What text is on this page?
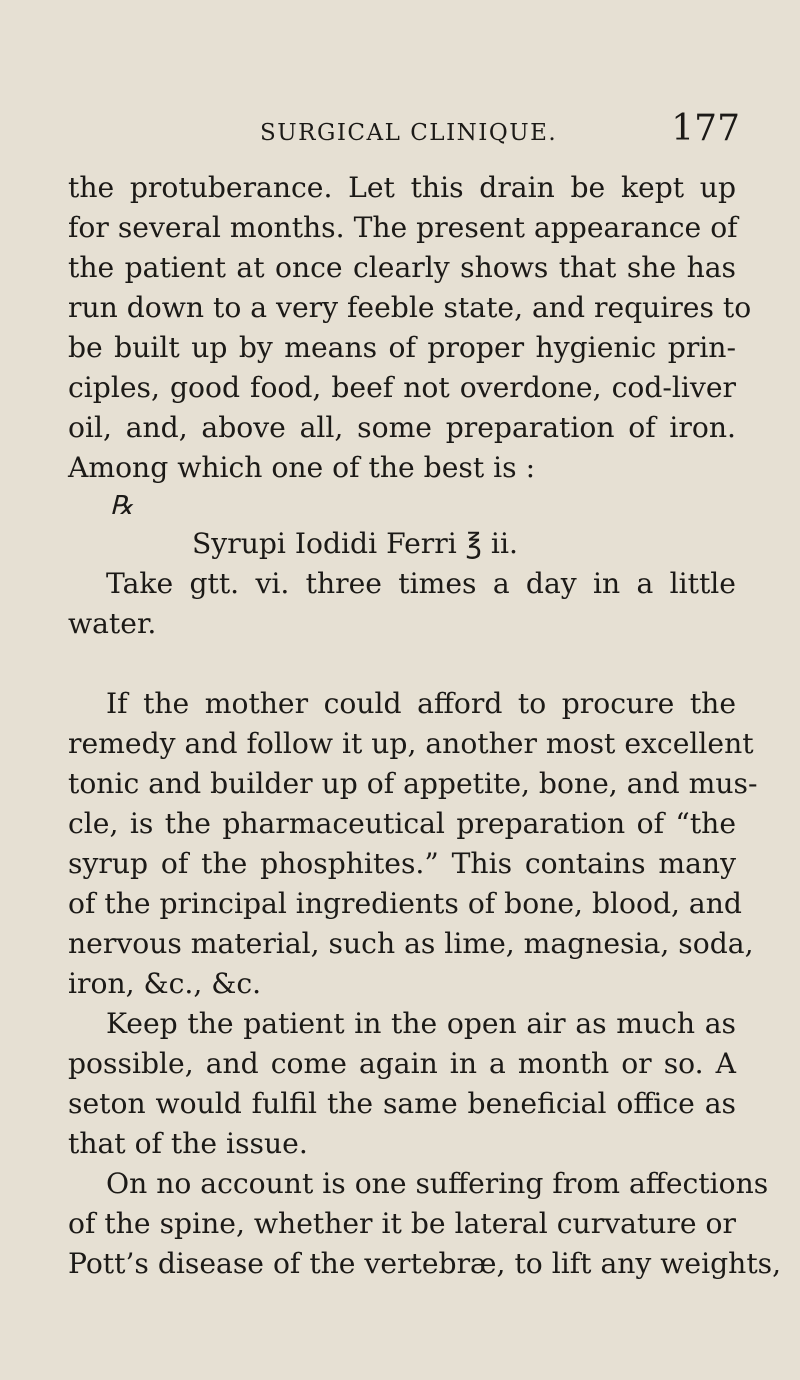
SURGICAL CLINIQUE.	177
the protuberance. Let this drain be kept up
for several months. The present appearance of
the patient at once clearly shows that she has
run down to a very feeble state, and requires to
be built up by means of proper hygienic prin-
ciples, good food, beef not overdone, cod-liver
oil, and, above all, some preparation of iron.
Among which one of the best is :
℞
Syrupi Iodidi Ferri ℥ ii.
Take gtt. vi. three times a day in a little
water.
If the mother could afford to procure the
remedy and follow it up, another most excellent
tonic and builder up of appetite, bone, and mus-
cle, is the pharmaceutical preparation of “the
syrup of the phosphites.” This contains many
of the principal ingredients of bone, blood, and
nervous material, such as lime, magnesia, soda,
iron, &c., &c.
Keep the patient in the open air as much as
possible, and come again in a month or so. A
seton would fulfil the same beneficial office as
that of the issue.
On no account is one suffering from affections
of the spine, whether it be lateral curvature or
Pott’s disease of the vertebræ, to lift any weights,
